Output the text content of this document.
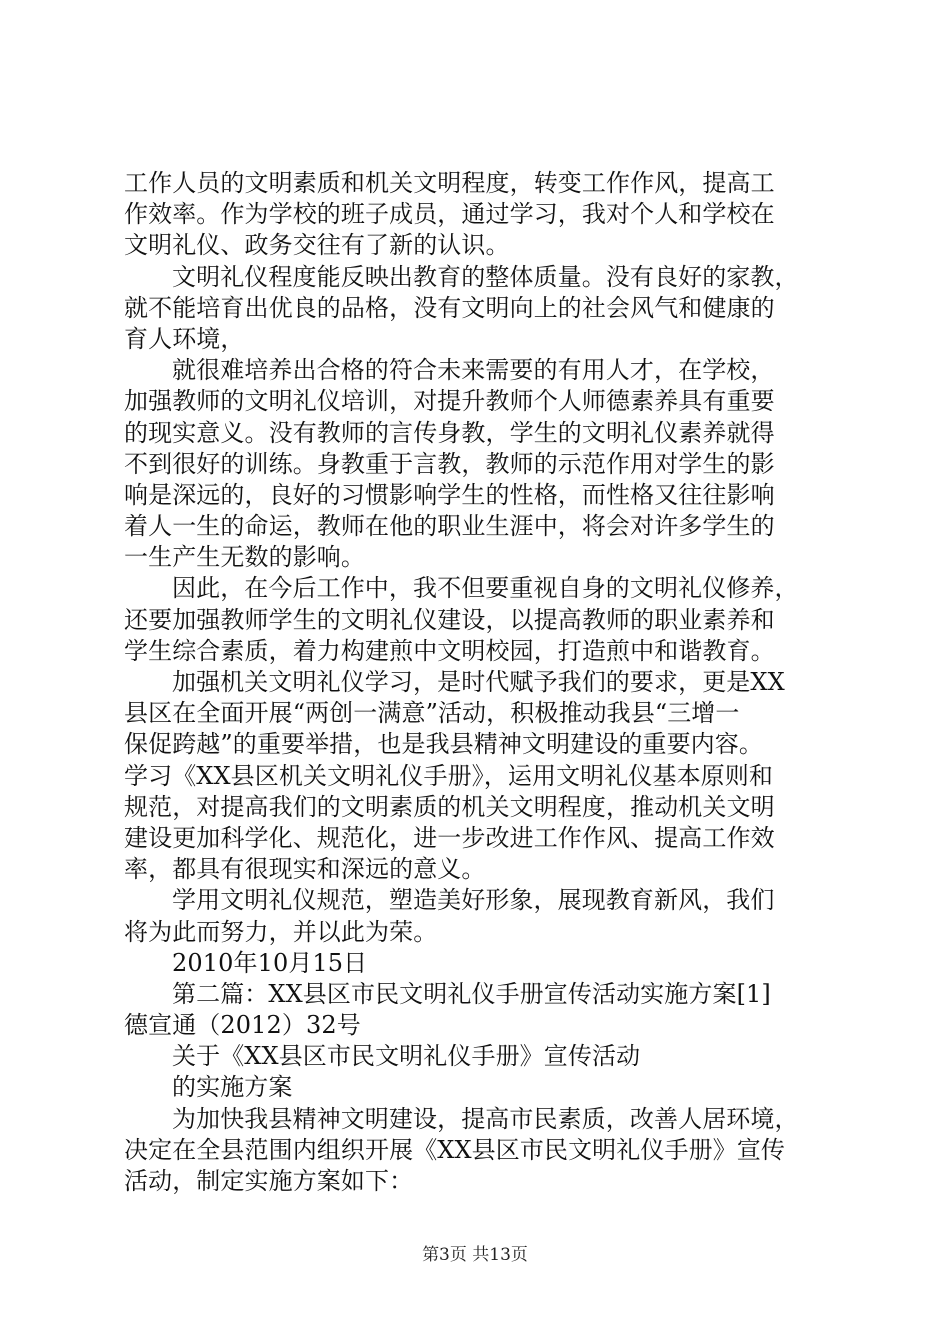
工作人员的文明素质和机关文明程度，转变工作作风，提高工
作效率。作为学校的班子成员，通过学习，我对个人和学校在
文明礼仪、政务交往有了新的认识。
文明礼仪程度能反映出教育的整体质量。没有良好的家教，
就不能培育出优良的品格，没有文明向上的社会风气和健康的
育人环境，
就很难培养出合格的符合未来需要的有用人才，在学校，
加强教师的文明礼仪培训，对提升教师个人师德素养具有重要
的现实意义。没有教师的言传身教，学生的文明礼仪素养就得
不到很好的训练。身教重于言教，教师的示范作用对学生的影
响是深远的，良好的习惯影响学生的性格，而性格又往往影响
着人一生的命运，教师在他的职业生涯中，将会对许多学生的
一生产生无数的影响。
因此，在今后工作中，我不但要重视自身的文明礼仪修养，
还要加强教师学生的文明礼仪建设，以提高教师的职业素养和
学生综合素质，着力构建煎中文明校园，打造煎中和谐教育。
加强机关文明礼仪学习，是时代赋予我们的要求，更是XX
县区在全面开展“两创一满意”活动，积极推动我县“三增一
保促跨越”的重要举措，也是我县精神文明建设的重要内容。
学习《XX县区机关文明礼仪手册》，运用文明礼仪基本原则和
规范，对提高我们的文明素质的机关文明程度，推动机关文明
建设更加科学化、规范化，进一步改进工作作风、提高工作效
率，都具有很现实和深远的意义。
学用文明礼仪规范，塑造美好形象，展现教育新风，我们
将为此而努力，并以此为荣。
2010年10月15日
第二篇：XX县区市民文明礼仪手册宣传活动实施方案[1]
德宣通（2012）32号
关于《XX县区市民文明礼仪手册》宣传活动
的实施方案
为加快我县精神文明建设，提高市民素质，改善人居环境，
决定在全县范围内组织开展《XX县区市民文明礼仪手册》宣传
活动，制定实施方案如下：
第3页 共13页
